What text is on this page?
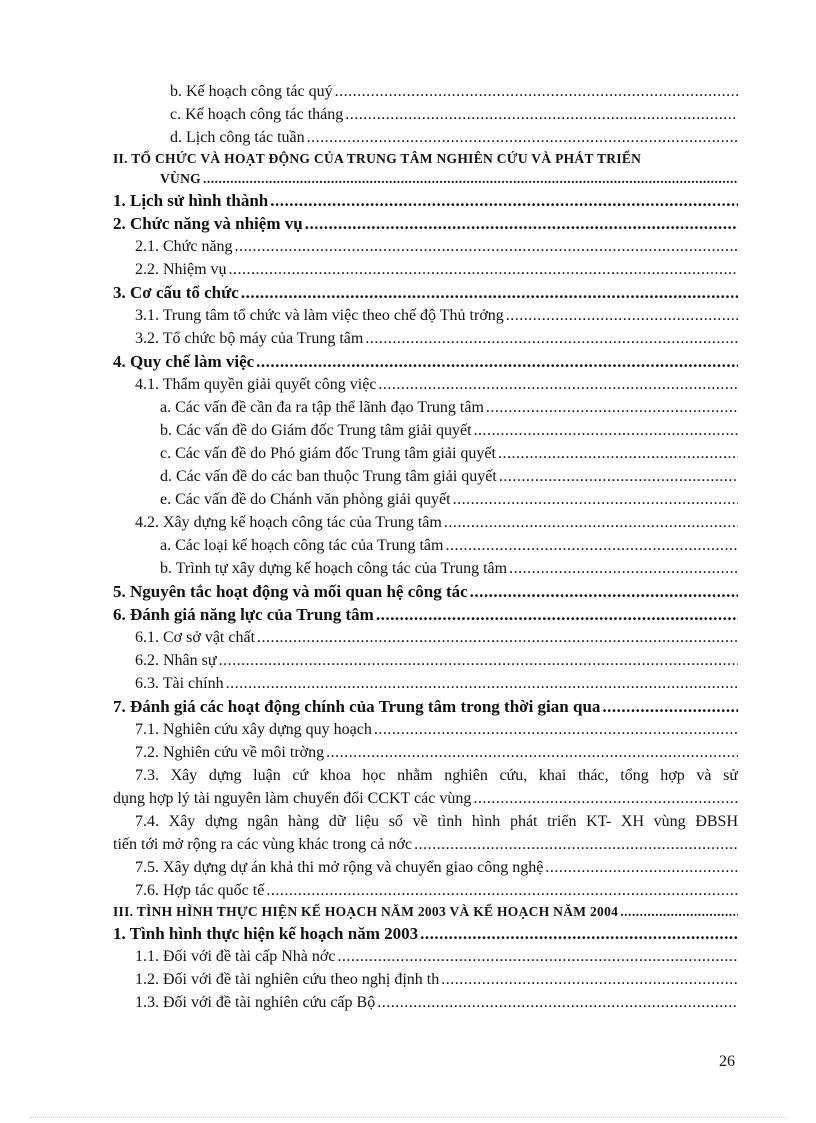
b. Kế hoạch công tác quý
.....
c. Kế hoạch công tác tháng
.....
d. Lịch công tác tuần
.....
II. TỔ CHỨC VÀ HOẠT ĐỘNG CỦA TRUNG TÂM NGHIÊN CỨU VÀ PHÁT TRIỂN
VÙNG
.....
1. Lịch sử hình thành
.....
2. Chức năng và nhiệm vụ
.....
2.1. Chức năng
.....
2.2. Nhiệm vụ
.....
3. Cơ cấu tổ chức
.....
3.1. Trung tâm tổ chức và làm việc theo chế độ Thủ trởng
.....
3.2. Tổ chức bộ máy của Trung tâm
.....
4. Quy chế làm việc
.....
4.1. Thẩm quyền giải quyết công việc
.....
a. Các vấn đề cần đa ra tập thể lãnh đạo Trung tâm
.....
b. Các vấn đề do Giám đốc Trung tâm giải quyết
.....
c. Các vấn đề do Phó giám đốc Trung tâm giải quyết
.....
d. Các vấn đề do các ban thuộc Trung tâm giải quyết
.....
e. Các vấn đề do Chánh văn phòng giải quyết
.....
4.2. Xây dựng kế hoạch công tác của Trung tâm
.....
a. Các loại kế hoạch công tác của Trung tâm
.....
b. Trình tự xây dựng kế hoạch công tác của Trung tâm
.....
5. Nguyên tắc hoạt động và mối quan hệ công tác
.....
6. Đánh giá năng lực của Trung tâm
.....
6.1. Cơ sở vật chất
.....
6.2. Nhân sự
.....
6.3. Tài chính
.....
7. Đánh giá các hoạt động chính của Trung tâm trong thời gian qua
.....
7.1. Nghiên cứu xây dựng quy hoạch
.....
7.2. Nghiên cứu về môi trờng
.....
7.3. Xây dựng luận cứ khoa học nhằm nghiên cứu, khai thác, tổng hợp và sử
dụng hợp lý tài nguyên làm chuyển đổi CCKT các vùng
.....
7.4. Xây dựng ngân hàng dữ liệu số về tình hình phát triển KT- XH vùng ĐBSH
tiến tới mở rộng ra các vùng khác trong cả nớc
.....
7.5. Xây dựng dự án khả thi mở rộng và chuyển giao công nghệ
.....
7.6. Hợp tác quốc tế
.....
III. TÌNH HÌNH THỰC HIỆN KẾ HOẠCH NĂM 2003 VÀ KẾ HOẠCH NĂM 2004
.....
1. Tình hình thực hiện kế hoạch năm 2003
.....
1.1. Đối với đề tài cấp Nhà nớc
.....
1.2. Đối với đề tài nghiên cứu theo nghị định th
.....
1.3. Đối với đề tài nghiên cứu cấp Bộ
.....
26
